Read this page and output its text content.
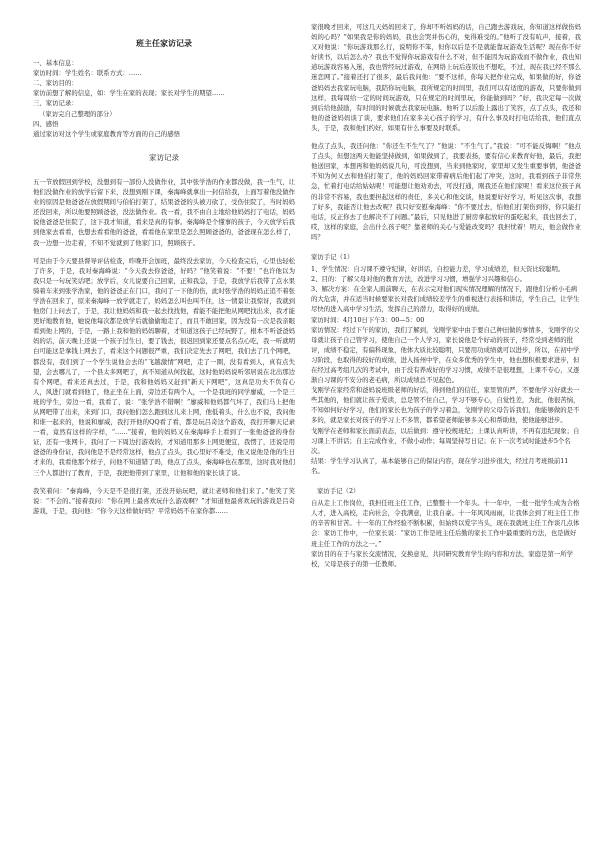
班主任家访记录

一、基本信息：

家访时间：学生姓名：联系方式：……

二、家访目的：

家访前想了解的信息，如：学生在家的表现；家长对学生的期望……

三、家访记录：

（家访完自己整理的部分）

四、感悟

通过家访对这个学生或家庭教育等方面的自己的感悟

家访记录

五一节放假回到学校，没想到有一部份人没做作业，其中张学浩的作业都没做，我一生气，让他们没做作业的放学后留下来，没想到刚下课，秦海峰就拿出一封信给我，上面写着他没做作业的原因是他爸爸在放假期间与伯伯打架了，结果爸爸的头被刀砍了，受伤住院了，当时妈妈还没回来，所以他要照顾爸爸，没法做作业。我一看，我不由自主地给他妈妈打了电话，妈妈说他爸爸是住院了，这下我才知道，看来是真的有事。秦海峰是个懂事的孩子，今天放学后我到他家去看看，也想去看看他的爸爸，看看他在家里是怎么照顾爸爸的，爸爸现在怎么样了，我一边想一边走着，不知不觉就到了他家门口，照顾孩子。

可是由于今天要县督导评估检查，昨晚开会加班，最终没去家访，今天检查完后，心里也轻松了许多，于是，我对秦海峰说：“今天我去你爸爸，好吗？”他笑着说：“不要！”也许他以为我只是一句玩笑话吧；放学后，女儿说要自己回家，正和我急，于是，我放学后我带了点水果骑着车来到张学浩家，他的爸爸正在门口，我问了一下他的伤，此时张学浩的妈妈正追不着张学浩在回来了，原来秦海峰一放学就走了，妈妈怎么叫也叫不住，这一情景让我惊讶，我就到他房门上问去了，于是，我让他妈妈和我一起去找找他，看能不能把他从网吧找出来，我才能更好地教育他，她说他每次都是放学后就偷偷地走了，而且不敢回家，因为没有一次是我亲眼看到他上网的，于是，一路上我和他的妈妈聊着，才知道这孩子已经玩野了，根本不听爸爸妈妈的话，前天晚上还说一个孩子过生日，要了钱去，很迟回到家还要点名点心吃，我一听就明白可能这是拿钱上网去了，看来这个问题很严重，我们决定先去了网吧，我们去了几个网吧，都没有，我们到了一个学生说他会去的“飞越激情”网吧，走了一圈，没有看到人，真有点失望，会去哪儿了，一个县太多网吧了，真不知道从何找起，这时他妈妈说听邻居说在北出那边有个网吧，看来还真去过，于是，我和他妈妈又赶到“新天下网吧”，这真是功夫不负有心人，风进门就看到他了，他正坐在上面，旁边还有两个人，一个是我班的同学廖威，一个是三班的学生，旁边一看，我看了，说：“张学浩不错啊！”廖威和他妈都气坏了，我们马上把他从网吧带了出来，来到门口，我问他们怎么跑到这儿来上网，他低着头，什么也不说，我问他和谁一起来的，他说和廖威，我打开他的QQ看了看，都是玩吕奇这个游戏，我打开聊天记录一看，竟然有这样的字样，“……”接着，他的妈妈又在秦海峰手上看到了一张他爸爸的身份证，还有一张网卡，我问了一下周边打游戏的，才知道用那多上网更便宜，我愣了，还说是用爸爸的身份证，我问他是不是经常这样，他点了点头，我心里好不难受，他又说他是他的生日才来的，我看他那个样子，问他不知道错了吗，他点了点头，秦海峰也在那里，这时我对他们三个人都进行了教育，于是，我把他带到了家里，让他和他的家长谈了谈。

我笑着问：“秦海峰，今天是不是很打架，还没开始玩吧，就让老师和他们来了。”他笑了笑说：“不会的。”接着我问：“你在网上最喜欢玩什么游戏啊？”才知道他最喜欢玩的游戏是吕奇游戏，于是，我问他：“你今天这样做好吗？平常妈妈不在家你都……

家很晚才回来，可这几天妈妈回来了，你却不听妈妈的话，自己跑去游戏玩，你知道这样做伤妈妈的心吗？”如果我是你的妈妈，我也会哭并伤心的，免得难受的。”他听了没有吭声，接着，我又对他说：“你玩游戏那么行，说明你不笨，但你以后是不是就能靠玩游戏生活呢？现在你不好好读书，以后怎么办？我也不觉得你玩游戏有什么不对，但不能因为玩游戏而不做作业，我也知道玩游戏容易入迷，我也曾经玩过游戏，在网络上玩后连饭也不想吃，不过，现在我已经不那么迷恋网了。”接着还打了很多，最后我问他：“要不这样，你每天把作业完成，如果做的好，你爸爸妈妈去我家玩电脑，我陪你玩电脑，我所规定的时间里，我们可以有适度的游戏，只要你做到这样，我每周给一定的时间玩游戏，只在规定的时间里玩，你能做到吗？”好，我决定每一次做到后给他鼓励，有时间的时候就去我家玩电脑。他听了以后脸上露出了笑容，点了点头，我还和他的爸爸妈妈谈了谈，要求他们在家多关心孩子的学习，有什么事及时打电话给我，他们直点头，于是，我和他们约好，如果有什么事要及时联系。

他点了点头，我还问他：“你还生不生气了？”他说：“不生气了。”我说：“可不能反悔啊！”他点了点头，但想这两天他能坚持做到，如果做到了，我要表扬，要有信心来教育好他，最后，我把他送回家，本想再和他妈妈说几句，可没想到，当来到他家时，家里却又发生重要事情，他爸爸不知为何又去和他伯打架了，他的妈妈回家带着病后他们起了冲突，这时，我看到孩子非常焦急，忙着打电话给姑姑呢！可能想让他劝劝去，可没打通，刚我还在他们家呢！看来这位孩子真的非常不容易，我也要担起这样的责任，多关心和他交谈，他说要好好学习，听见这次事，我想了好多，我能否让他去改呢？我只好安慰秦海峰：“你不要过去，怕他们打架伤到你，你只能打电话，反正你去了也解决不了问题。”最后，只见他进了厨房拿起放好的蛋吃起来，我也回去了，哎，这样的家庭，会出什么孩子呢？靠老师的关心与爱能改变吗？我担忧着！明天，他会做作业吗？

家访手记（1）

1、学生情况：自习课不遵守纪律，好讲话，自控能力差，学习成绩差，但天资比较聪明。

2、目的：了解父母对他的教育方法，改进学习习惯，增强学习兴趣和信心。

3、解决方案：在全家人面前聊天，在表示完对他们现实情况理解的情况下，跟他们分析小毛病的大危害，并在适当时候要家长对我们成绩较差学生的重视进行表扬和讲话，学生自己，让学生尽快的进入高中学习生活，发挥自己的潜力，取得好的成绩。

家访时间：4月10日下午3：00—5：00

家访情况：经过下午的家访，我们了解到，戈刚学家中由于要自己种田做的事情多，戈刚学的父母就让孩子自己管学习，使他自己一个人学习，家长说他是个好动的孩子，经常受到老师的批评，成绩不稳定，有偏科现象，他体大质比较聪明，只要用功成绩就可以进步，所以，在初中学习阶段，也取得的较好的成绩，进入扬州中学，在众多优秀的学生中，他也想积极要求进步，但在经过高考组几次的考试中，由于没有养成好的学习习惯，成绩不是很理想，上课不专心，又逐渐自习课的不安分的老毛病，所以成绩总不见起色。

戈刚学在家经常和爸妈说班级老师的好话，得到他们的信任，家里管的严，不要他学习好就去一些其他的，他们就让孩子爱读，总是管不住自己，学习不够专心，自觉性差，为此，他很苦恼，不知如何好好学习，他们的家长也为孩子的学习着急，戈刚学的父母告诉我们，他能够做的是不多的，就是家长对孩子的学习上不多管，都希望老师能够多关心和帮助他，使他能够进步。

戈刚学在老师和家长面前表态，以后做到：遵守校规班纪；上课认真听讲，不再有违纪现象；自习课上不讲话；自主完成作业，不做小动作；每周坚持写日记；在下一次考试时能进步5个名次。

结果：学生学习认真了，基本能够自己的保证内容，现在学习进步很大，经过月考班级前11名。

家访手记（2）

自从走上工作岗位，我担任班主任工作，已整整十一个年头。十一年中，一批一批学生成为合格人才，进入高校，走向社会，令我满意，让我自豪。十一年风风雨雨，让我体会到了班主任工作的辛苦和甘苦。十一年的工作经验不断积累，但始终以爱字当头，现在我就班主任工作谈几点体会：家访工作中，一位家长说：“家访工作是班主任后勤的家长工作中最重要的方法，也是做好班主任工作的方法之一。”

家访目的在于与家长交流情况，交换意见，共同研究教育学生的内容和方法，家庭是第一所学校，父母是孩子的第一任教师。
